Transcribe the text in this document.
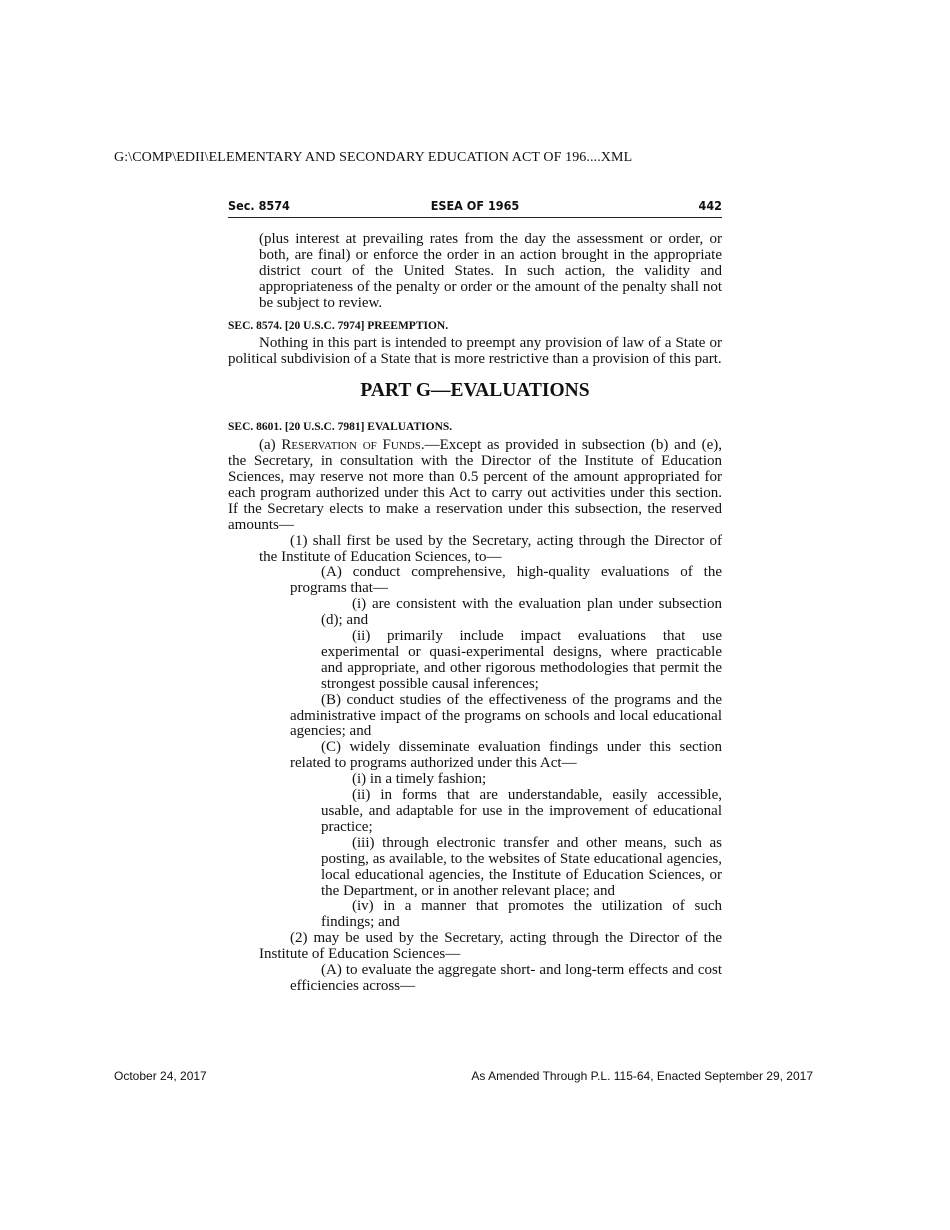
G:\COMP\EDII\ELEMENTARY AND SECONDARY EDUCATION ACT OF 196....XML
ESEA OF 1965
Sec. 8574	442

(plus interest at prevailing rates from the day the assessment or order, or both, are final) or enforce the order in an action brought in the appropriate district court of the United States. In such action, the validity and appropriateness of the penalty or order or the amount of the penalty shall not be subject to review.

SEC. 8574. [20 U.S.C. 7974] PREEMPTION.

Nothing in this part is intended to preempt any provision of law of a State or political subdivision of a State that is more restrictive than a provision of this part.

PART G—EVALUATIONS
SEC. 8601. [20 U.S.C. 7981] EVALUATIONS.

(a) Reservation of Funds.—Except as provided in subsection (b) and (e), the Secretary, in consultation with the Director of the Institute of Education Sciences, may reserve not more than 0.5 percent of the amount appropriated for each program authorized under this Act to carry out activities under this section. If the Secretary elects to make a reservation under this subsection, the reserved amounts—

(1) shall first be used by the Secretary, acting through the Director of the Institute of Education Sciences, to—

(A) conduct comprehensive, high-quality evaluations of the programs that—

(i) are consistent with the evaluation plan under subsection (d); and

(ii) primarily include impact evaluations that use experimental or quasi-experimental designs, where practicable and appropriate, and other rigorous methodologies that permit the strongest possible causal inferences;

(B) conduct studies of the effectiveness of the programs and the administrative impact of the programs on schools and local educational agencies; and

(C) widely disseminate evaluation findings under this section related to programs authorized under this Act—

(i) in a timely fashion;

(ii) in forms that are understandable, easily accessible, usable, and adaptable for use in the improvement of educational practice;

(iii) through electronic transfer and other means, such as posting, as available, to the websites of State educational agencies, local educational agencies, the Institute of Education Sciences, or the Department, or in another relevant place; and

(iv) in a manner that promotes the utilization of such findings; and

(2) may be used by the Secretary, acting through the Director of the Institute of Education Sciences—

(A) to evaluate the aggregate short- and long-term effects and cost efficiencies across—

October 24, 2017	As Amended Through P.L. 115-64, Enacted September 29, 2017
